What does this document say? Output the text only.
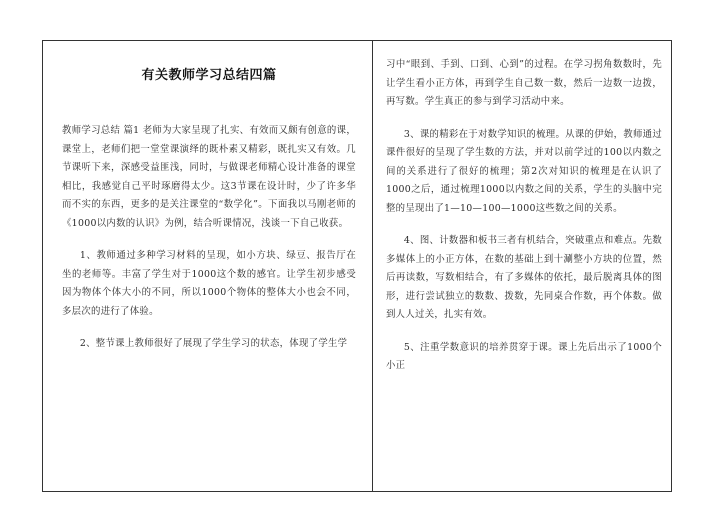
有关教师学习总结四篇

教师学习总结 篇1 老师为大家呈现了扎实、有效而又颇有创意的课，课堂上，老师们把一堂堂课演绎的既朴素又精彩，既扎实又有效。几节课听下来，深感受益匪浅，同时，与做课老师精心设计准备的课堂相比，我感觉自己平时琢磨得太少。这3节课在设计时，少了许多华而不实的东西，更多的是关注课堂的“数学化”。下面我以马刚老师的《1000以内数的认识》为例，结合听课情况，浅谈一下自己收获。

1、教师通过多种学习材料的呈现，如小方块、绿豆、报告厅在坐的老师等。丰富了学生对于1000这个数的感官。让学生初步感受因为物体个体大小的不同，所以1000个物体的整体大小也会不同，多层次的进行了体验。

2、整节课上教师很好了展现了学生学习的状态，体现了学生学

习中“眼到、手到、口到、心到”的过程。在学习拐角数数时，先让学生看小正方体，再到学生自己数一数，然后一边数一边拨，再写数。学生真正的参与到学习活动中来。

3、课的精彩在于对数学知识的梳理。从课的伊始，教师通过课件很好的呈现了学生数的方法，并对以前学过的100以内数之间的关系进行了很好的梳理；第2次对知识的梳理是在认识了1000之后，通过梳理1000以内数之间的关系，学生的头脑中完整的呈现出了1—10—100—1000这些数之间的关系。

4、图、计数器和板书三者有机结合，突破重点和难点。先数多媒体上的小正方体，在数的基础上到十涮整小方块的位置，然后再读数，写数相结合，有了多媒体的依托，最后脱离具体的图形，进行尝试独立的数数、拨数，先同桌合作数，再个体数。做到人人过关，扎实有效。

5、注重学数意识的培养贯穿于课。课上先后出示了1000个小正
